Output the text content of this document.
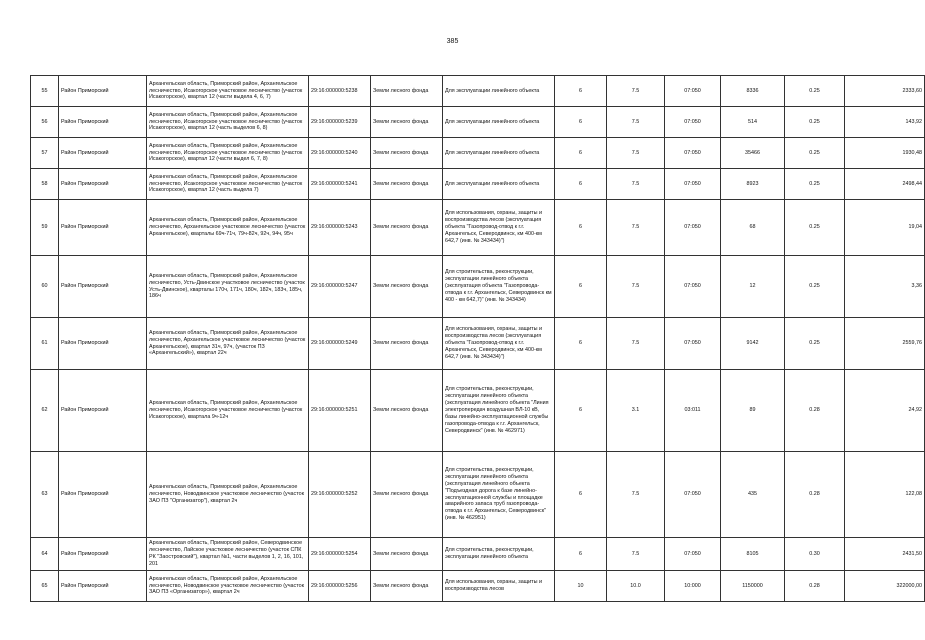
385
55	Район Приморский	Архангельская область, Приморский район, Архангельское лесничество, Исакогорское участковое лесничество (участок Исакогорское), квартал 12 (части выдела 4, 6, 7)	29:16:000000:5238	Земли лесного фонда	Для эксплуатации линейного объекта	6	7.5	07:050	8336	0.25	2333,60
56	Район Приморский	Архангельская область, Приморский район, Архангельское лесничество, Исакогорское участковое лесничество (участок Исакогорское), квартал 12 (часть выделов 6, 8)	29:16:000000:5239	Земли лесного фонда	Для эксплуатации линейного объекта	6	7.5	07:050	514	0.25	143,92
57	Район Приморский	Архангельская область, Приморский район, Архангельское лесничество, Исакогорское участковое лесничество (участок Исакогорское), квартал 12 (части выдел 6, 7, 8)	29:16:000000:5240	Земли лесного фонда	Для эксплуатации линейного объекта	6	7.5	07:050	35466	0.25	1930,48
58	Район Приморский	Архангельская область, Приморский район, Архангельское лесничество, Исакогорское участковое лесничество (участок Исакогорское), квартал 12 (часть выдела 7)	29:16:000000:5241	Земли лесного фонда	Для эксплуатации линейного объекта	6	7.5	07:050	8923	0.25	2498,44
59	Район Приморский	Архангельская область, Приморский район, Архангельское лесничество, Архангельское участковое лесничество (участок Архангельское), кварталы 69ч-71ч, 79ч-82ч, 92ч, 94ч, 95ч	29:16:000000:5243	Земли лесного фонда	Для использования, охраны, защиты и воспроизводства лесов (эксплуатация объекта "Газопровод-отвод к г.г. Архангельск, Северодвинск, км 400-км 642,7 (инв. № 343434)")	6	7.5	07:050	68	0.25	19,04
60	Район Приморский	Архангельская область, Приморский район, Архангельское лесничество, Усть-Двинское участковое лесничество (участок Усть-Двинское), кварталы 170ч, 171ч, 180ч, 182ч, 183ч, 185ч, 186ч	29:16:000000:5247	Земли лесного фонда	Для строительства, реконструкции, эксплуатации линейного объекта (эксплуатация объекта "Газопровода-отвода к г.г. Архангельск, Северодвинск км 400 - км 642,7)" (инв. № 343434)	6	7.5	07:050	12	0.25	3,36
61	Район Приморский	Архангельская область, Приморский район, Архангельское лесничество, Архангельское участковое лесничество (участок Архангельское), квартал 31ч, 97ч, (участок ПЗ «Архангельский»), квартал 22ч	29:16:000000:5249	Земли лесного фонда	Для использования, охраны, защиты и воспроизводства лесов (эксплуатация объекта "Газопровод-отвод к г.г. Архангельск, Северодвинск, км 400-км 642,7 (инв. № 343434)")	6	7.5	07:050	9142	0.25	2559,76
62	Район Приморский	Архангельская область, Приморский район, Архангельское лесничество, Исакогорское участковое лесничество (участок Исакогорское), квартала 9ч-12ч	29:16:000000:5251	Земли лесного фонда	Для строительства, реконструкции, эксплуатации линейного объекта (эксплуатация линейного объекта "Линия электропередач воздушная ВЛ-10 кВ, базы линейно-эксплуатационной службы газопровода-отвода к г.г. Архангельск, Северодвинск" (инв. № 462971)	6	3.1	03:011	89	0.28	24,92
63	Район Приморский	Архангельская область, Приморский район, Архангельское лесничество, Новодвинское участковое лесничество (участок ЗАО ПЗ "Организатор"), квартал 2ч	29:16:000000:5252	Земли лесного фонда	Для строительства, реконструкции, эксплуатации линейного объекта (эксплуатация линейного объекта "Подъездная дорога к базе линейно-эксплуатационной службы и площадке аварийного запаса труб газопровода-отвода к г.г. Архангельск, Северодвинск" (инв. № 462951)	6	7.5	07:050	435	0.28	122,08
64	Район Приморский	Архангельская область, Приморский район, Северодвинское лесничество, Лайское участковое лесничество (участок СПК РК "Заостровский"), квартал №1, части выделов 1, 2, 16, 101, 201	29:16:000000:5254	Земли лесного фонда	Для строительства, реконструкции, эксплуатации линейного объекта	6	7.5	07:050	8105	0.30	2431,50
65	Район Приморский	Архангельская область, Приморский район, Архангельское лесничество, Новодвинское участковое лесничество (участок ЗАО ПЗ «Организатор»), квартал 2ч	29:16:000000:5256	Земли лесного фонда	Для использования, охраны, защиты и воспроизводства лесов	10	10.0	10:000	1150000	0.28	322000,00
